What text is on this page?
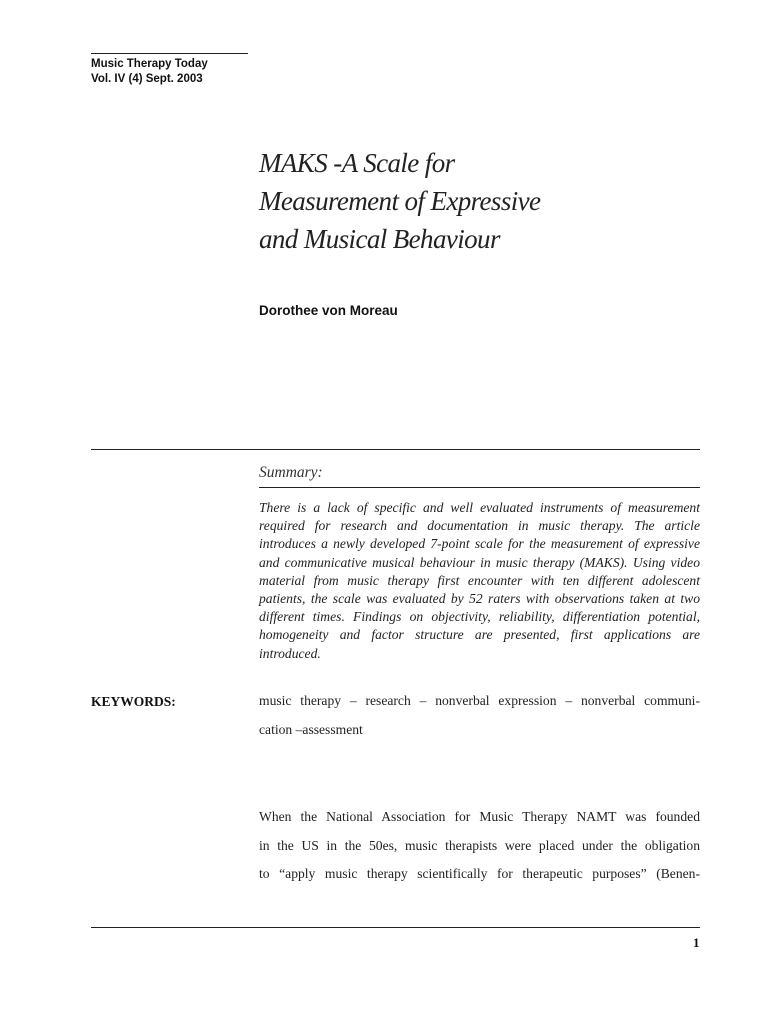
Music Therapy Today
Vol. IV (4) Sept. 2003
MAKS -A Scale for
Measurement of Expressive
and Musical Behaviour
Dorothee von Moreau
Summary:
There is a lack of specific and well evaluated instruments of measurement required for research and documentation in music therapy. The article introduces a newly developed 7-point scale for the measurement of expressive and communicative musical behaviour in music therapy (MAKS). Using video material from music therapy first encounter with ten different adolescent patients, the scale was evaluated by 52 raters with observations taken at two different times. Findings on objectivity, reliability, differentiation potential, homogeneity and factor structure are presented, first applications are introduced.
KEYWORDS:	music therapy – research – nonverbal expression – nonverbal communi-
cation –assessment
When the National Association for Music Therapy NAMT was founded
in the US in the 50es, music therapists were placed under the obligation
to “apply music therapy scientifically for therapeutic purposes” (Benen-
1
